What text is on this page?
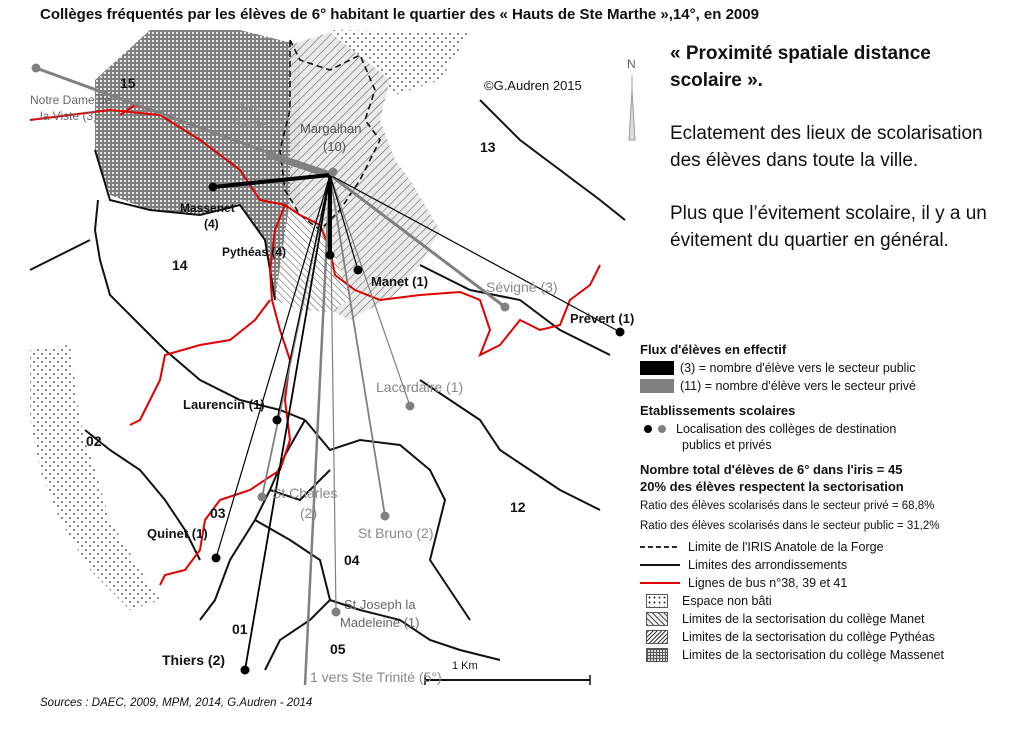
Collèges fréquentés par les élèves de 6° habitant le quartier des « Hauts de Ste Marthe »,14°, en 2009
N
15
13
14
02
12
03
04
01
05
Notre Dame de
la Viste (3)
Tour
Sainte (8) Margalhan
(10)
Massenet
(4)
Pythéas (4)
Manet (1)	Sévigné (3)
Prévert (1)
Lacordaire (1)
Laurencin (1)
St Charles
(2)
St Bruno (2)
Quinet (1)
St Joseph la
Madeleine (1)
Thiers (2)
1 vers Ste Trinité (5°)
©G.Audren 2015
1 Km

« Proximité spatiale distance scolaire ».

Eclatement des lieux de scolarisation des élèves dans toute la ville.

Plus que l’évitement scolaire, il y a un évitement du quartier en général.

Flux d'élèves en effectif
(3) = nombre d'élève vers le secteur public
(11) = nombre d'élève vers le secteur privé
Etablissements scolaires
Localisation des collèges de destination
publics et privés
Nombre total d'élèves de 6° dans l'iris = 45
20% des élèves respectent la sectorisation
Ratio des élèves scolarisés dans le secteur privé = 68,8%
Ratio des élèves scolarisés dans le secteur public = 31,2%
Limite de l'IRIS Anatole de la Forge
Limites des arrondissements
Lignes de bus n°38, 39 et 41
Espace non bâti
Limites de la sectorisation du collège Manet
Limites de la sectorisation du collège Pythéas
Limites de la sectorisation du collège Massenet
Sources : DAEC, 2009, MPM, 2014, G.Audren - 2014
